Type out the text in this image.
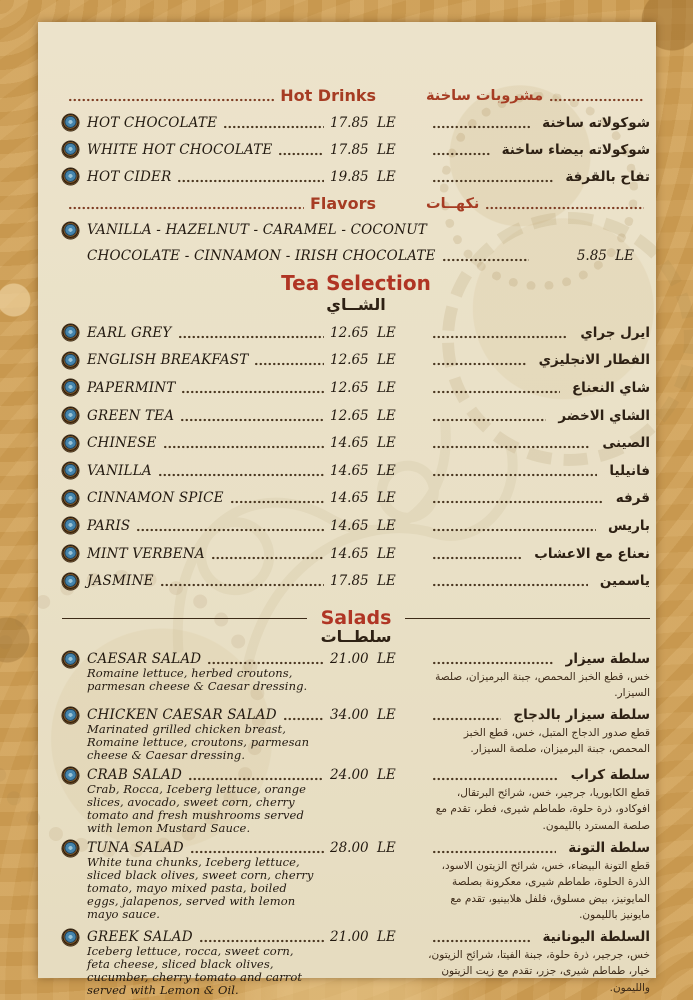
Hot Drinks	مشروبات ساخنة
HOT CHOCOLATE	17.85 LE	شوكولاته ساخنة
WHITE HOT CHOCOLATE	17.85 LE	شوكولاته بيضاء ساخنة
HOT CIDER	19.85 LE	تفاح بالقرفة
Flavors	نكهــات
VANILLA - HAZELNUT - CARAMEL - COCONUT
CHOCOLATE - CINNAMON - IRISH CHOCOLATE	5.85 LE
Tea Selection
الشــاي
EARL GREY	12.65 LE	ايرل جراي
ENGLISH BREAKFAST	12.65 LE	الفطار الانجليزي
PAPERMINT	12.65 LE	شاي النعناع
GREEN TEA	12.65 LE	الشاي الاخضر
CHINESE	14.65 LE	الصينى
VANILLA	14.65 LE	فانيليا
CINNAMON SPICE	14.65 LE	قرفه
PARIS	14.65 LE	باريس
MINT VERBENA	14.65 LE	نعناع مع الاعشاب
JASMINE	17.85 LE	ياسمين
Salads
سلطــات
CAESAR SALAD	21.00 LE
Romaine lettuce, herbed croutons, parmesan cheese & Caesar dressing.
سلطة سيزار
خس، قطع الخبز المحمص، جبنة البرميزان، صلصة السيزار.
CHICKEN CAESAR SALAD	34.00 LE
Marinated grilled chicken breast, Romaine lettuce, croutons, parmesan cheese & Caesar dressing.
سلطة سيزار بالدجاج
قطع صدور الدجاج المتبل، خس، قطع الخبز المحمص، جبنة البرميزان، صلصة السيزار.
CRAB SALAD	24.00 LE
Crab, Rocca, Iceberg lettuce, orange slices, avocado, sweet corn, cherry tomato and fresh mushrooms served with lemon Mustard Sauce.
سلطة كراب
قطع الكابوريا، جرجير، خس، شرائح البرتقال، افوكادو، ذرة حلوة، طماطم شيرى، فطر، تقدم مع صلصة المسترد بالليمون.
TUNA SALAD	28.00 LE
White tuna chunks, Iceberg lettuce, sliced black olives, sweet corn, cherry tomato, mayo mixed pasta, boiled eggs, jalapenos, served with lemon mayo sauce.
سلطة التونة
قطع التونة البيضاء، خس، شرائح الزيتون الاسود، الذرة الحلوة، طماطم شيرى، معكرونة بصلصة المايونيز، بيض مسلوق، فلفل هلابينيو، تقدم مع مايونيز بالليمون.
GREEK SALAD	21.00 LE
Iceberg lettuce, rocca, sweet corn, feta cheese, sliced black olives, cucumber, cherry tomato and carrot served with Lemon & Oil.
السلطة اليونانية
خس، جرجير، ذرة حلوة، جبنة الفيتا، شرائح الزيتون، خيار، طماطم شيرى، جزر، تقدم مع زيت الزيتون والليمون.
